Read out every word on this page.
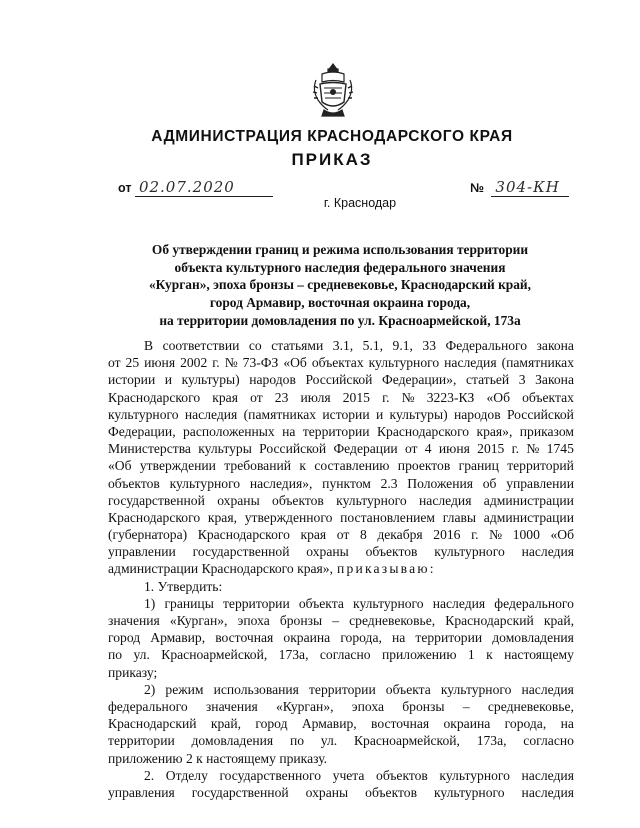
АДМИНИСТРАЦИЯ КРАСНОДАРСКОГО КРАЯ
ПРИКАЗ
от 02.07.2020	№ 304-КН
г. Краснодар
Об утверждении границ и режима использования территории
объекта культурного наследия федерального значения
«Курган», эпоха бронзы – средневековье, Краснодарский край,
город Армавир, восточная окраина города,
на территории домовладения по ул. Красноармейской, 173а
В соответствии со статьями 3.1, 5.1, 9.1, 33 Федерального закона
от 25 июня 2002 г. № 73-ФЗ «Об объектах культурного наследия (памятниках
истории и культуры) народов Российской Федерации», статьей 3 Закона
Краснодарского края от 23 июля 2015 г. № 3223-КЗ «Об объектах
культурного наследия (памятниках истории и культуры) народов Российской
Федерации, расположенных на территории Краснодарского края», приказом
Министерства культуры Российской Федерации от 4 июня 2015 г. № 1745
«Об утверждении требований к составлению проектов границ территорий
объектов культурного наследия», пунктом 2.3 Положения об управлении
государственной охраны объектов культурного наследия администрации
Краснодарского края, утвержденного постановлением главы администрации
(губернатора) Краснодарского края от 8 декабря 2016 г. № 1000 «Об
управлении государственной охраны объектов культурного наследия
администрации Краснодарского края», приказываю:
1. Утвердить:
1) границы территории объекта культурного наследия федерального
значения «Курган», эпоха бронзы – средневековье, Краснодарский край,
город Армавир, восточная окраина города, на территории домовладения
по ул. Красноармейской, 173а, согласно приложению 1 к настоящему
приказу;
2) режим использования территории объекта культурного наследия
федерального значения «Курган», эпоха бронзы – средневековье,
Краснодарский край, город Армавир, восточная окраина города, на
территории домовладения по ул. Красноармейской, 173а, согласно
приложению 2 к настоящему приказу.
2. Отделу государственного учета объектов культурного наследия
управления государственной охраны объектов культурного наследия
